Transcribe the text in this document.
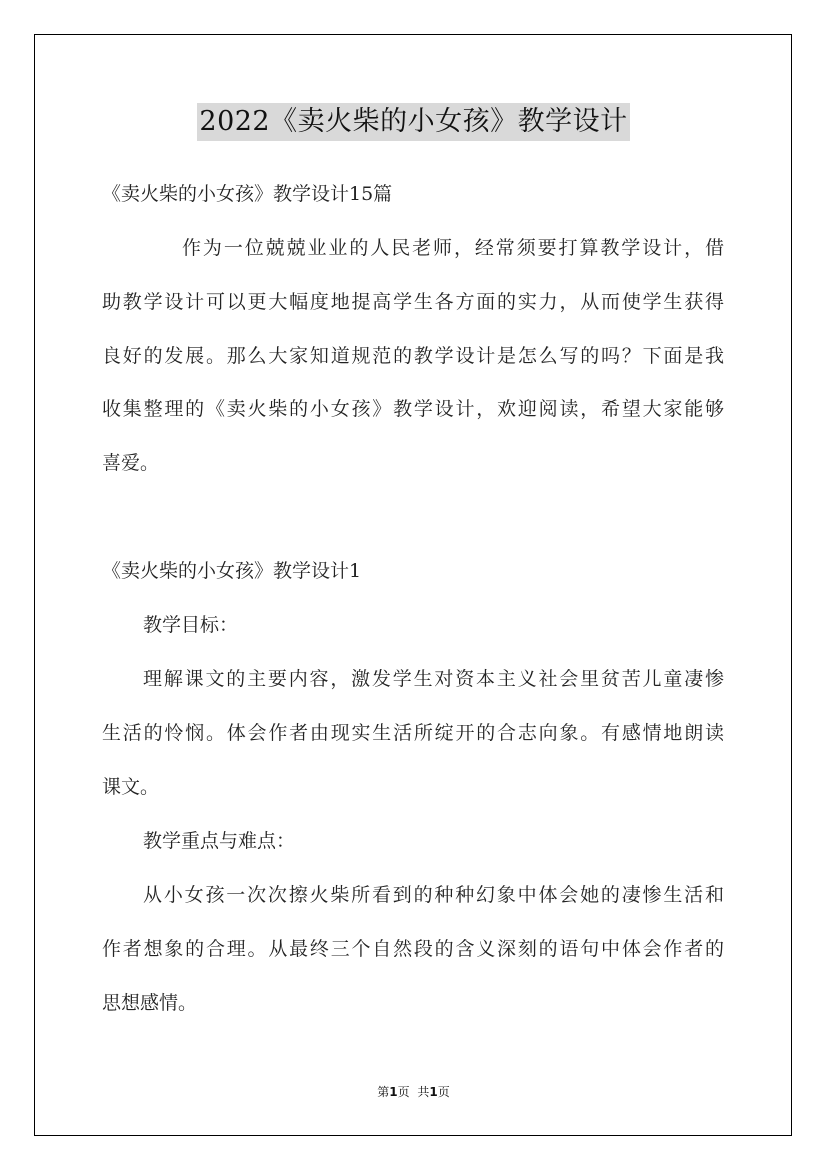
2022《卖火柴的小女孩》教学设计
《卖火柴的小女孩》教学设计15篇
作为一位兢兢业业的人民老师，经常须要打算教学设计，借
助教学设计可以更大幅度地提高学生各方面的实力，从而使学生获得
良好的发展。那么大家知道规范的教学设计是怎么写的吗？下面是我
收集整理的《卖火柴的小女孩》教学设计，欢迎阅读，希望大家能够
喜爱。
《卖火柴的小女孩》教学设计1
教学目标：
理解课文的主要内容，激发学生对资本主义社会里贫苦儿童凄惨
生活的怜悯。体会作者由现实生活所绽开的合志向象。有感情地朗读
课文。
教学重点与难点：
从小女孩一次次擦火柴所看到的种种幻象中体会她的凄惨生活和
作者想象的合理。从最终三个自然段的含义深刻的语句中体会作者的
思想感情。
第1页 共1页
